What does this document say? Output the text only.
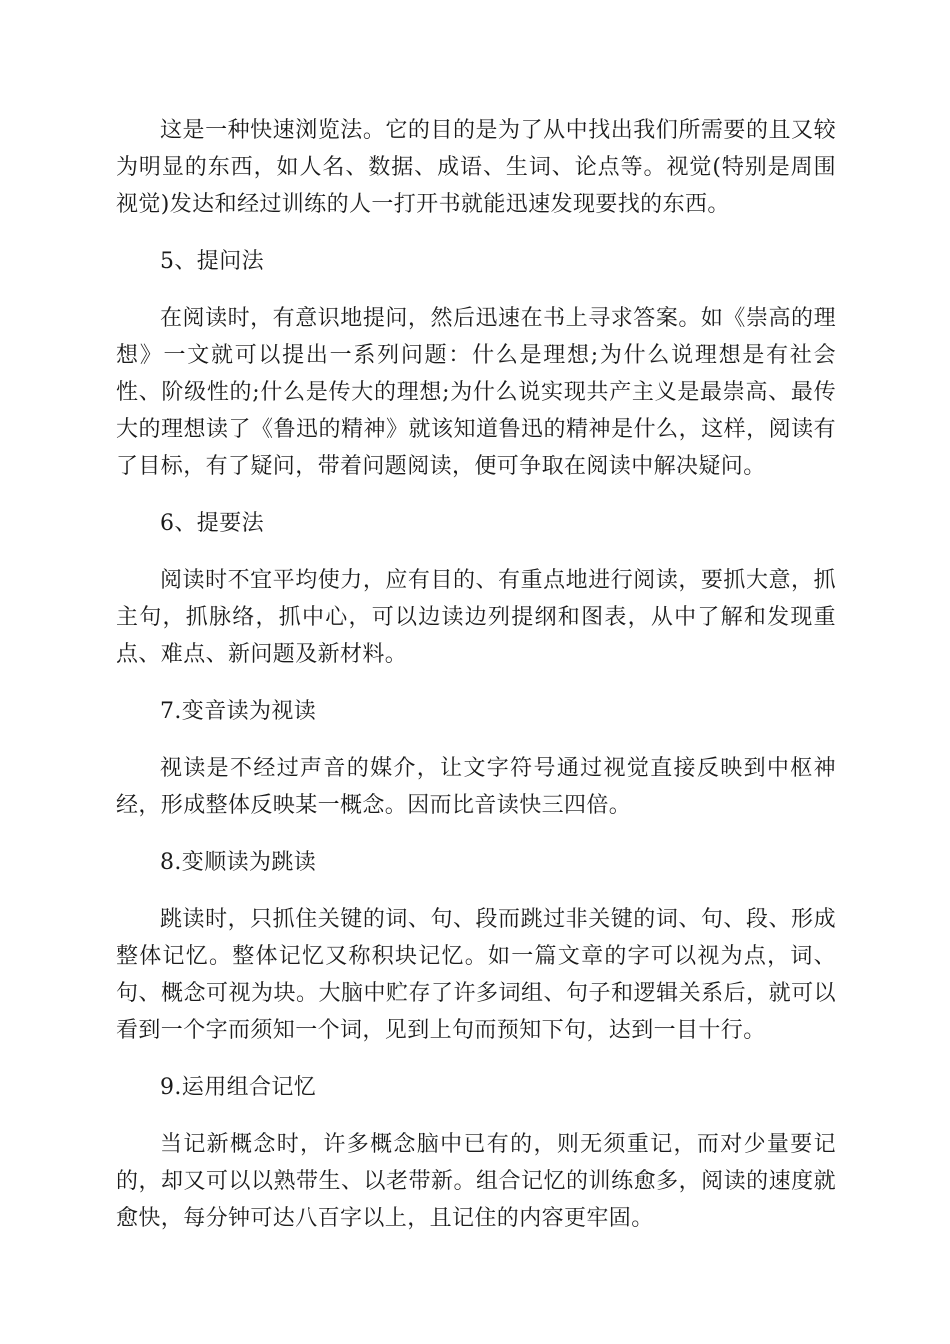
这是一种快速浏览法。它的目的是为了从中找出我们所需要的且又较为明显的东西，如人名、数据、成语、生词、论点等。视觉(特别是周围视觉)发达和经过训练的人一打开书就能迅速发现要找的东西。

5、提问法

在阅读时，有意识地提问，然后迅速在书上寻求答案。如《崇高的理想》一文就可以提出一系列问题：什么是理想;为什么说理想是有社会性、阶级性的;什么是传大的理想;为什么说实现共产主义是最崇高、最传大的理想读了《鲁迅的精神》就该知道鲁迅的精神是什么，这样，阅读有了目标，有了疑问，带着问题阅读，便可争取在阅读中解决疑问。

6、提要法

阅读时不宜平均使力，应有目的、有重点地进行阅读，要抓大意，抓主句，抓脉络，抓中心，可以边读边列提纲和图表，从中了解和发现重点、难点、新问题及新材料。

7.变音读为视读

视读是不经过声音的媒介，让文字符号通过视觉直接反映到中枢神经，形成整体反映某一概念。因而比音读快三四倍。

8.变顺读为跳读

跳读时，只抓住关键的词、句、段而跳过非关键的词、句、段、形成整体记忆。整体记忆又称积块记忆。如一篇文章的字可以视为点，词、句、概念可视为块。大脑中贮存了许多词组、句子和逻辑关系后，就可以看到一个字而须知一个词，见到上句而预知下句，达到一目十行。

9.运用组合记忆

当记新概念时，许多概念脑中已有的，则无须重记，而对少量要记的，却又可以以熟带生、以老带新。组合记忆的训练愈多，阅读的速度就愈快，每分钟可达八百字以上，且记住的内容更牢固。
